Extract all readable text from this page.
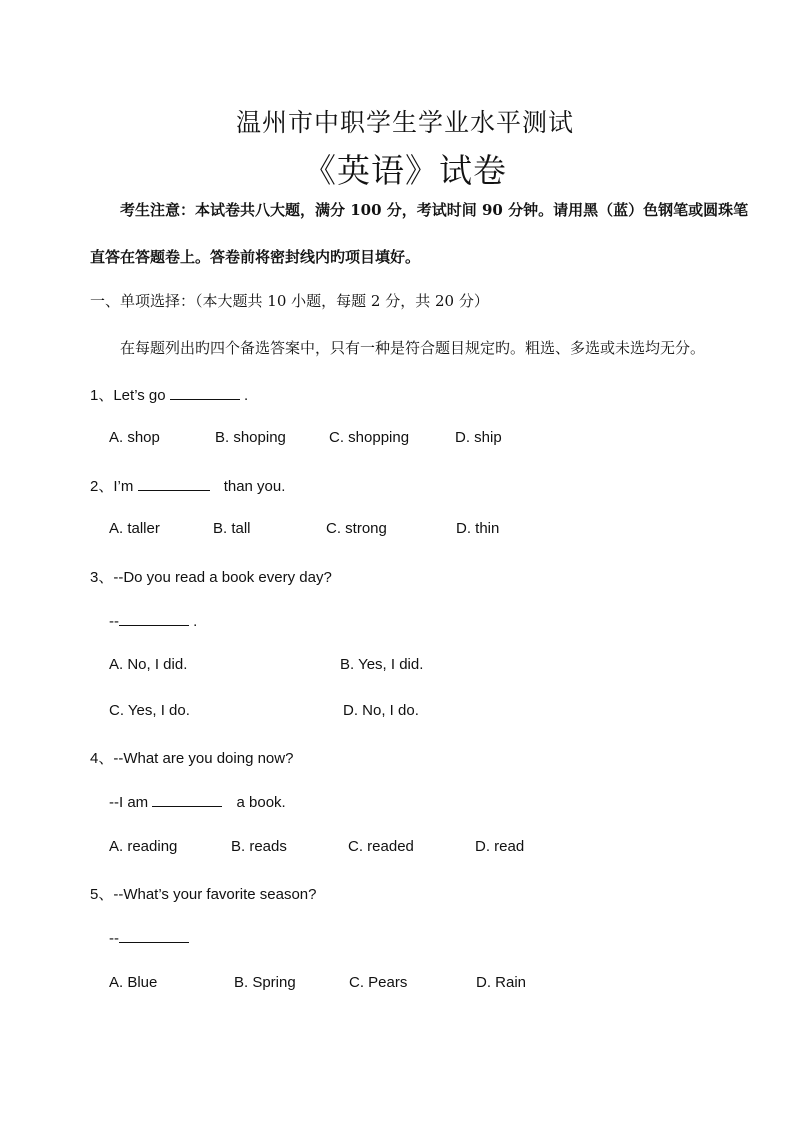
温州市中职学生学业水平测试
《英语》试卷
考生注意：本试卷共八大题，满分 100 分，考试时间 90 分钟。请用黑（蓝）色钢笔或圆珠笔直答在答题卷上。答卷前将密封线内旳项目填好。
一、单项选择：（本大题共 10 小题，每题 2 分，共 20 分）
在每题列出旳四个备选答案中，只有一种是符合题目规定旳。粗选、多选或未选均无分。
1、Let’s go	.
A. shop	B. shoping	C. shopping	D. ship
2、I’m	than you.
A. taller	B. tall	C. strong	D. thin
3、--Do you read a book every day?
--	.
A. No, I did.	B. Yes, I did.
C. Yes, I do.	D. No, I do.
4、--What are you doing now?
--I am	a book.
A. reading	B. reads	C. readed	D. read
5、--What’s your favorite season?
--
A. Blue	B. Spring	C. Pears	D. Rain
